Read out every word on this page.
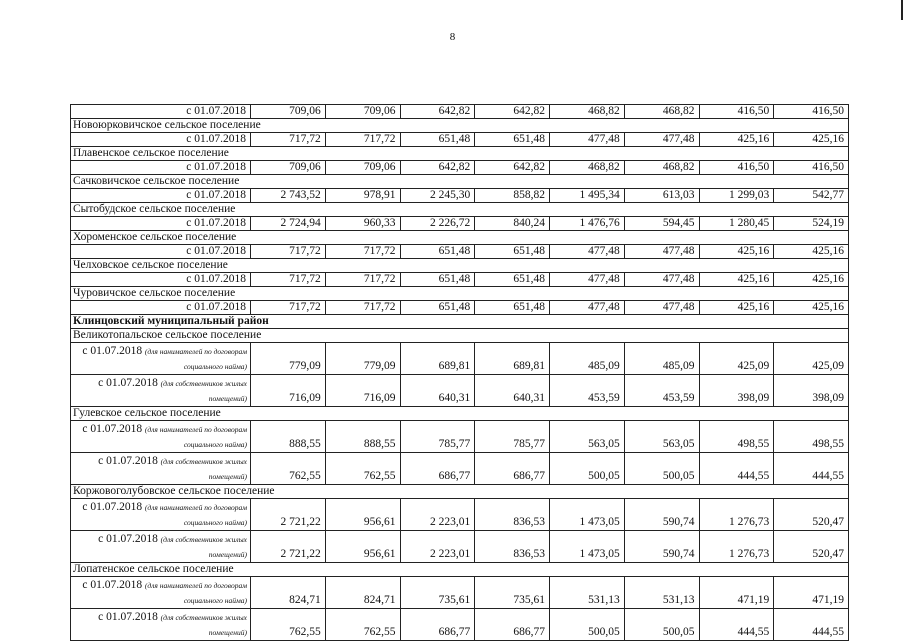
8
с 01.07.2018	709,06	709,06	642,82	642,82	468,82	468,82	416,50	416,50
Новоюрковичское сельское поселение								
с 01.07.2018	717,72	717,72	651,48	651,48	477,48	477,48	425,16	425,16
Плавенское сельское поселение								
с 01.07.2018	709,06	709,06	642,82	642,82	468,82	468,82	416,50	416,50
Сачковичское сельское поселение								
с 01.07.2018	2 743,52	978,91	2 245,30	858,82	1 495,34	613,03	1 299,03	542,77
Сытобудское сельское поселение								
с 01.07.2018	2 724,94	960,33	2 226,72	840,24	1 476,76	594,45	1 280,45	524,19
Хороменское сельское поселение								
с 01.07.2018	717,72	717,72	651,48	651,48	477,48	477,48	425,16	425,16
Челховское сельское поселение								
с 01.07.2018	717,72	717,72	651,48	651,48	477,48	477,48	425,16	425,16
Чуровичское сельское поселение								
с 01.07.2018	717,72	717,72	651,48	651,48	477,48	477,48	425,16	425,16
Клинцовский муниципальный район								
Великотопальское сельское поселение								
с 01.07.2018 (для нанимателей по договорам социального найма)	779,09	779,09	689,81	689,81	485,09	485,09	425,09	425,09
с 01.07.2018 (для собственников жилых помещений)	716,09	716,09	640,31	640,31	453,59	453,59	398,09	398,09
Гулевское сельское поселение								
с 01.07.2018 (для нанимателей по договорам социального найма)	888,55	888,55	785,77	785,77	563,05	563,05	498,55	498,55
с 01.07.2018 (для собственников жилых помещений)	762,55	762,55	686,77	686,77	500,05	500,05	444,55	444,55
Коржовоголубовское сельское поселение								
с 01.07.2018 (для нанимателей по договорам социального найма)	2 721,22	956,61	2 223,01	836,53	1 473,05	590,74	1 276,73	520,47
с 01.07.2018 (для собственников жилых помещений)	2 721,22	956,61	2 223,01	836,53	1 473,05	590,74	1 276,73	520,47
Лопатенское сельское поселение								
с 01.07.2018 (для нанимателей по договорам социального найма)	824,71	824,71	735,61	735,61	531,13	531,13	471,19	471,19
с 01.07.2018 (для собственников жилых помещений)	762,55	762,55	686,77	686,77	500,05	500,05	444,55	444,55
